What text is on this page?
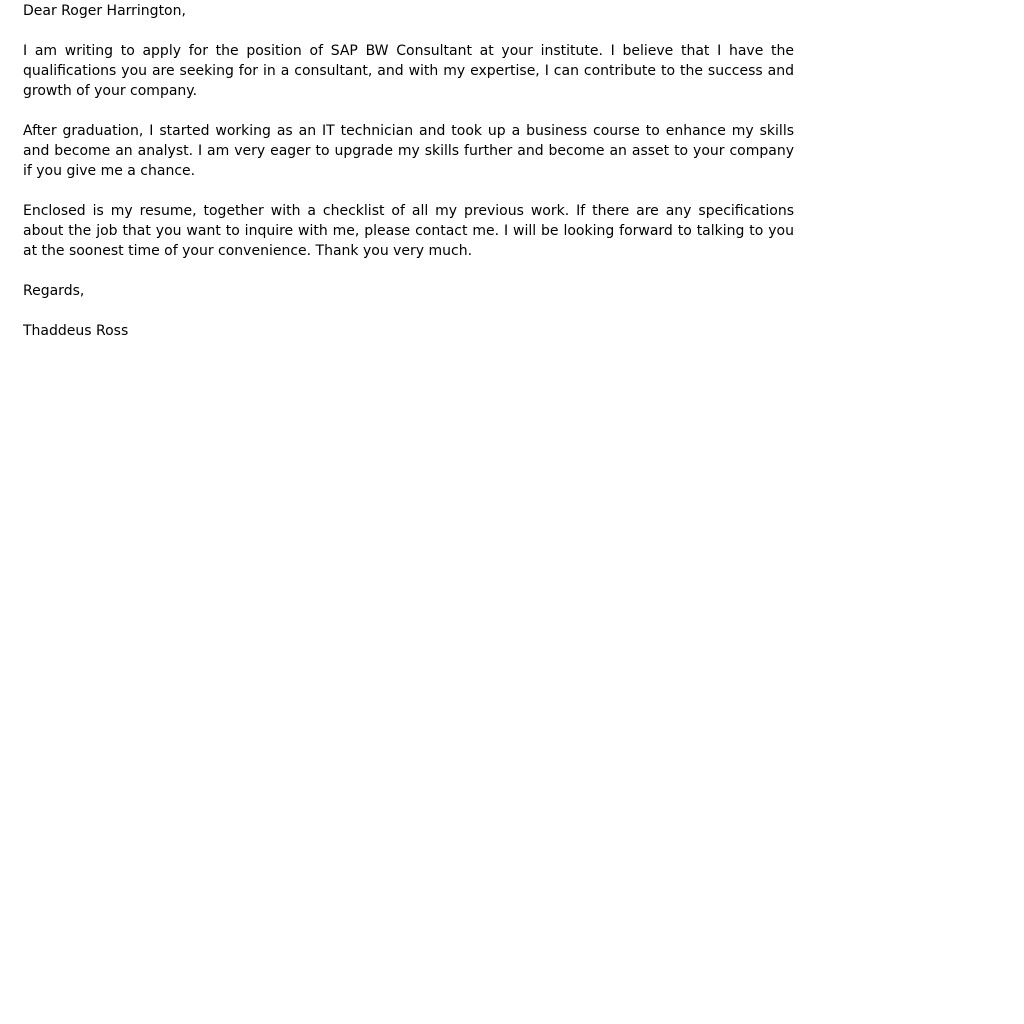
Dear Roger Harrington,

I am writing to apply for the position of SAP BW Consultant at your institute. I believe that I have the qualifications you are seeking for in a consultant, and with my expertise, I can contribute to the success and growth of your company.

After graduation, I started working as an IT technician and took up a business course to enhance my skills and become an analyst. I am very eager to upgrade my skills further and become an asset to your company if you give me a chance.

Enclosed is my resume, together with a checklist of all my previous work. If there are any specifications about the job that you want to inquire with me, please contact me. I will be looking forward to talking to you at the soonest time of your convenience. Thank you very much.

Regards,

Thaddeus Ross
